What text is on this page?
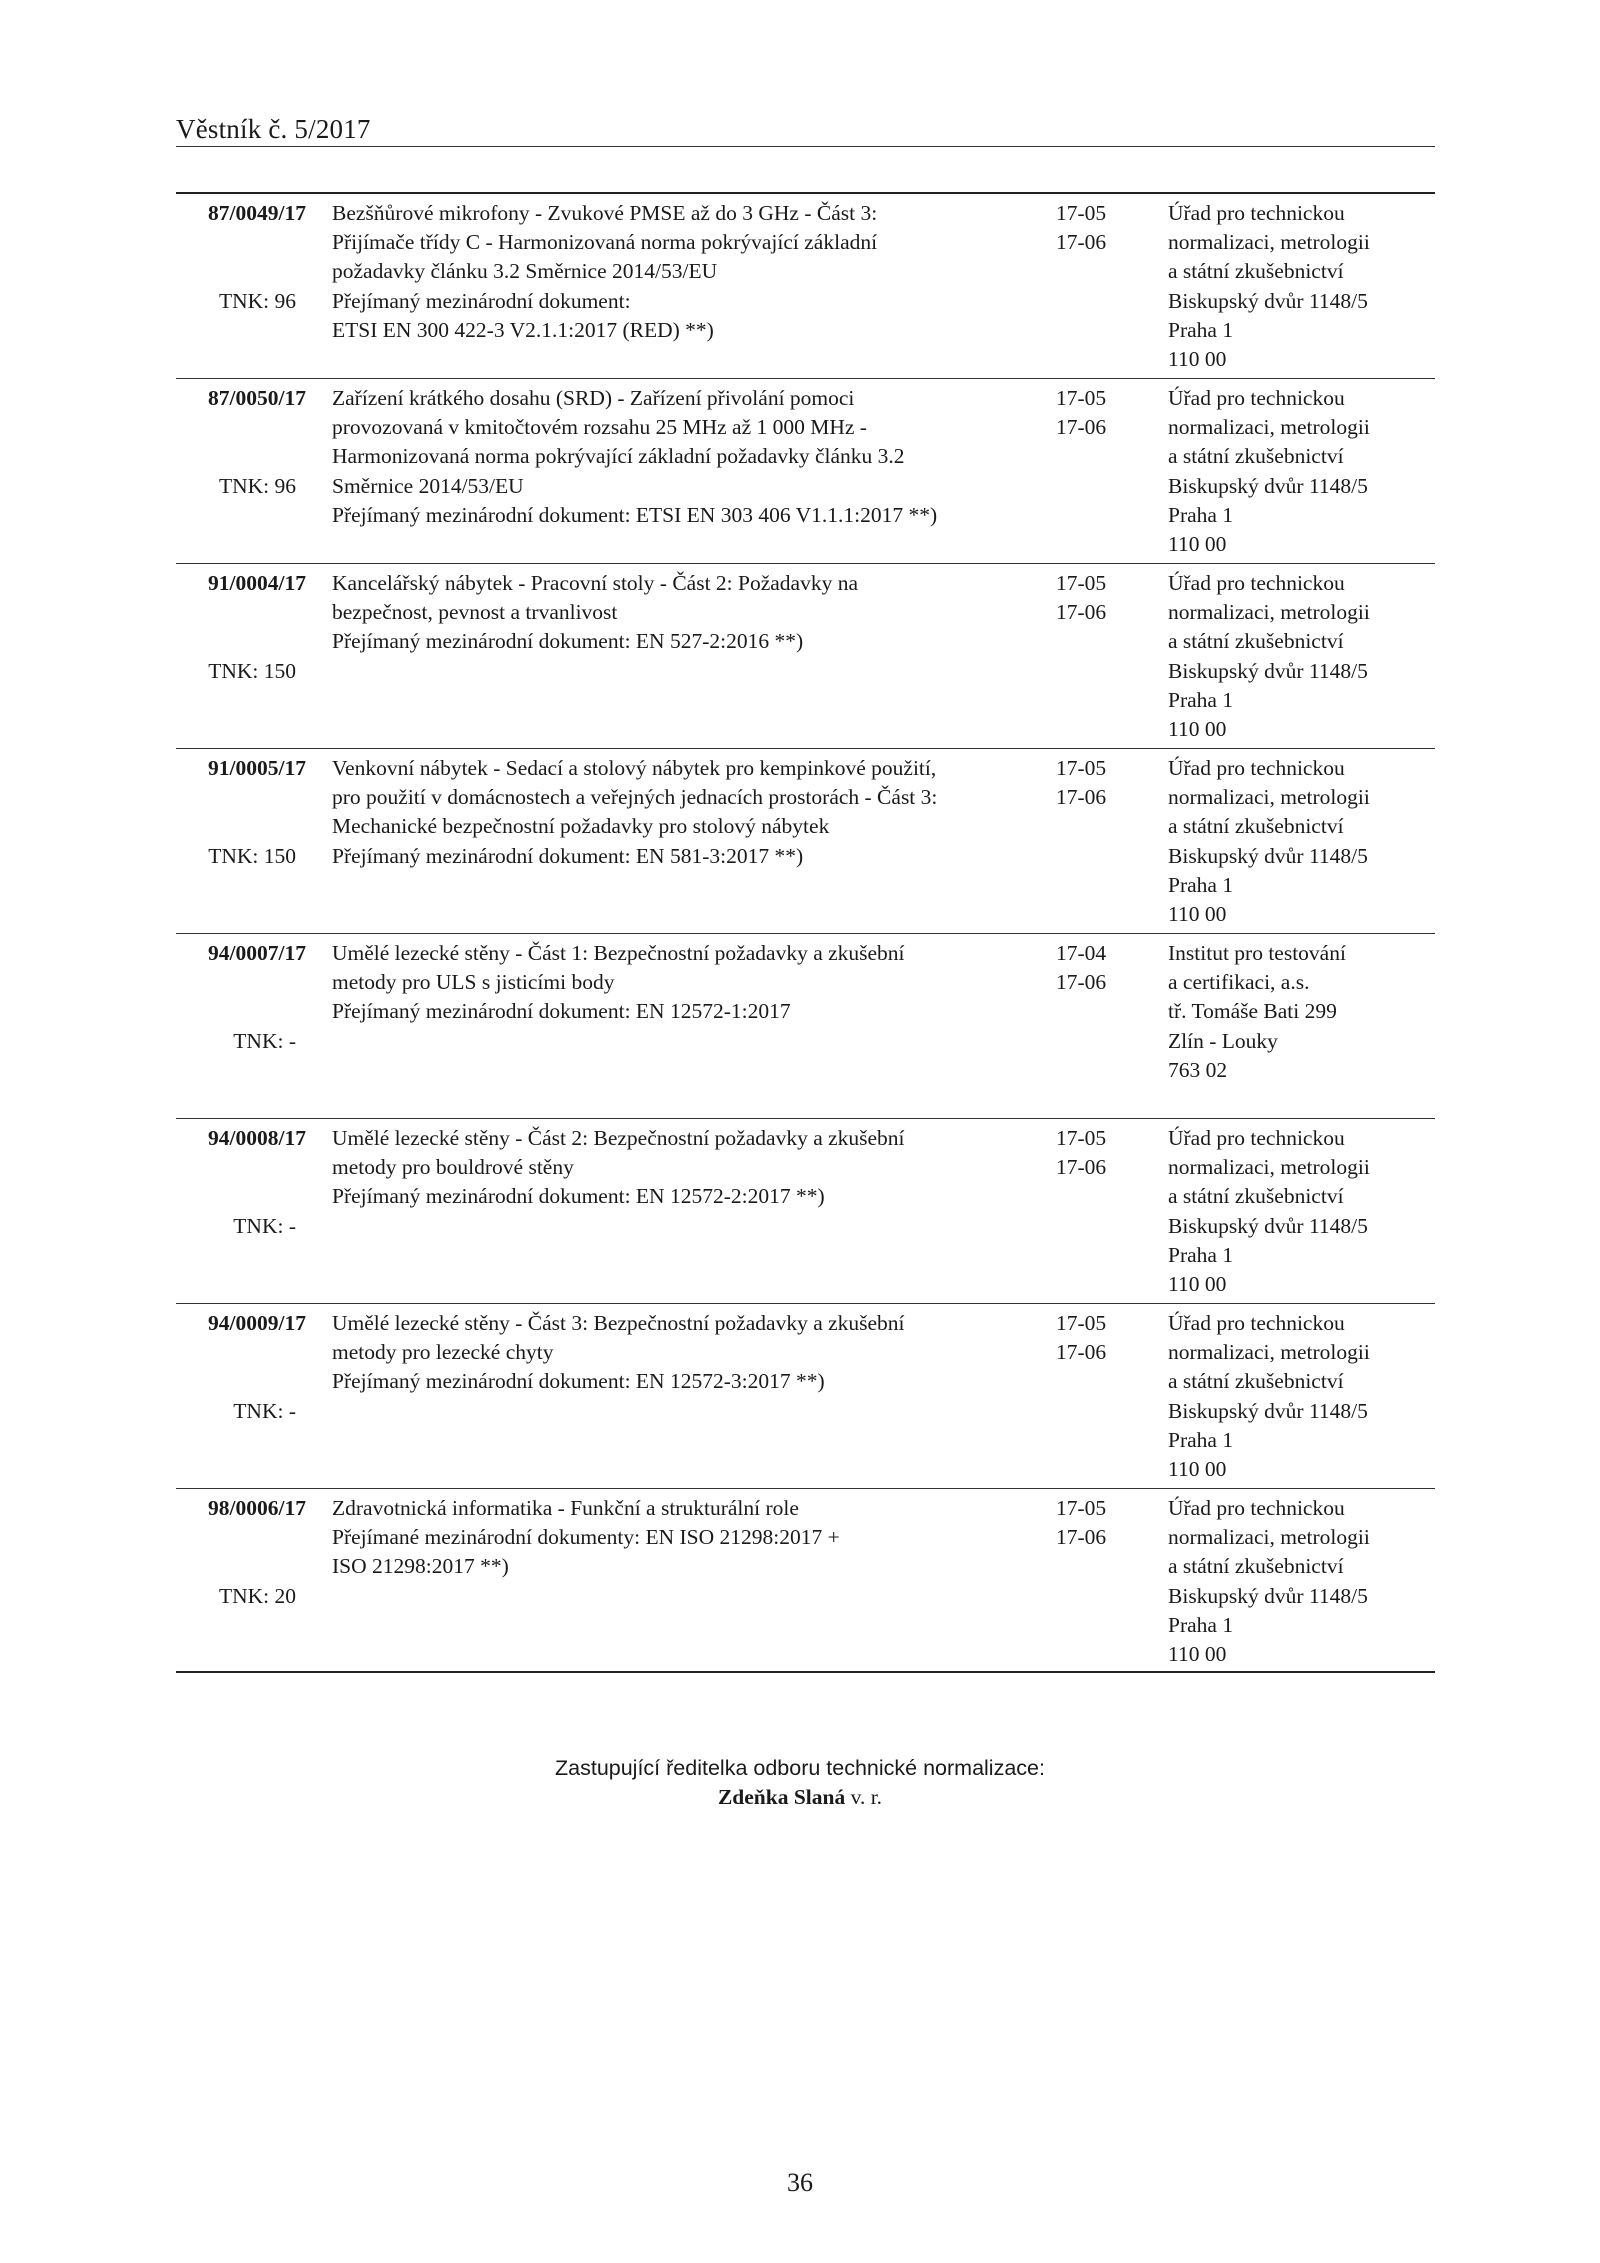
Věstník č. 5/2017
87/0049/17
TNK: 96
Bezšňůrové mikrofony - Zvukové PMSE až do 3 GHz - Část 3:
Přijímače třídy C - Harmonizovaná norma pokrývající základní
požadavky článku 3.2 Směrnice 2014/53/EU
Přejímaný mezinárodní dokument:
ETSI EN 300 422-3 V2.1.1:2017 (RED) **)
17-05
17-06
Úřad pro technickou
normalizaci, metrologii
a státní zkušebnictví
Biskupský dvůr 1148/5
Praha 1
110 00
87/0050/17
TNK: 96
Zařízení krátkého dosahu (SRD) - Zařízení přivolání pomoci
provozovaná v kmitočtovém rozsahu 25 MHz až 1 000 MHz -
Harmonizovaná norma pokrývající základní požadavky článku 3.2
Směrnice 2014/53/EU
Přejímaný mezinárodní dokument: ETSI EN 303 406 V1.1.1:2017 **)
17-05
17-06
Úřad pro technickou
normalizaci, metrologii
a státní zkušebnictví
Biskupský dvůr 1148/5
Praha 1
110 00
91/0004/17
TNK: 150
Kancelářský nábytek - Pracovní stoly - Část 2: Požadavky na
bezpečnost, pevnost a trvanlivost
Přejímaný mezinárodní dokument: EN 527-2:2016 **)
17-05
17-06
Úřad pro technickou
normalizaci, metrologii
a státní zkušebnictví
Biskupský dvůr 1148/5
Praha 1
110 00
91/0005/17
TNK: 150
Venkovní nábytek - Sedací a stolový nábytek pro kempinkové použití,
pro použití v domácnostech a veřejných jednacích prostorách - Část 3:
Mechanické bezpečnostní požadavky pro stolový nábytek
Přejímaný mezinárodní dokument: EN 581-3:2017 **)
17-05
17-06
Úřad pro technickou
normalizaci, metrologii
a státní zkušebnictví
Biskupský dvůr 1148/5
Praha 1
110 00
94/0007/17
TNK: -
Umělé lezecké stěny - Část 1: Bezpečnostní požadavky a zkušební
metody pro ULS s jisticími body
Přejímaný mezinárodní dokument: EN 12572-1:2017
17-04
17-06
Institut pro testování
a certifikaci, a.s.
tř. Tomáše Bati 299
Zlín - Louky
763 02
94/0008/17
TNK: -
Umělé lezecké stěny - Část 2: Bezpečnostní požadavky a zkušební
metody pro bouldrové stěny
Přejímaný mezinárodní dokument: EN 12572-2:2017 **)
17-05
17-06
Úřad pro technickou
normalizaci, metrologii
a státní zkušebnictví
Biskupský dvůr 1148/5
Praha 1
110 00
94/0009/17
TNK: -
Umělé lezecké stěny - Část 3: Bezpečnostní požadavky a zkušební
metody pro lezecké chyty
Přejímaný mezinárodní dokument: EN 12572-3:2017 **)
17-05
17-06
Úřad pro technickou
normalizaci, metrologii
a státní zkušebnictví
Biskupský dvůr 1148/5
Praha 1
110 00
98/0006/17
TNK: 20
Zdravotnická informatika - Funkční a strukturální role
Přejímané mezinárodní dokumenty: EN ISO 21298:2017 +
ISO 21298:2017 **)
17-05
17-06
Úřad pro technickou
normalizaci, metrologii
a státní zkušebnictví
Biskupský dvůr 1148/5
Praha 1
110 00
Zastupující ředitelka odboru technické normalizace:
Zdeňka Slaná v. r.
36
